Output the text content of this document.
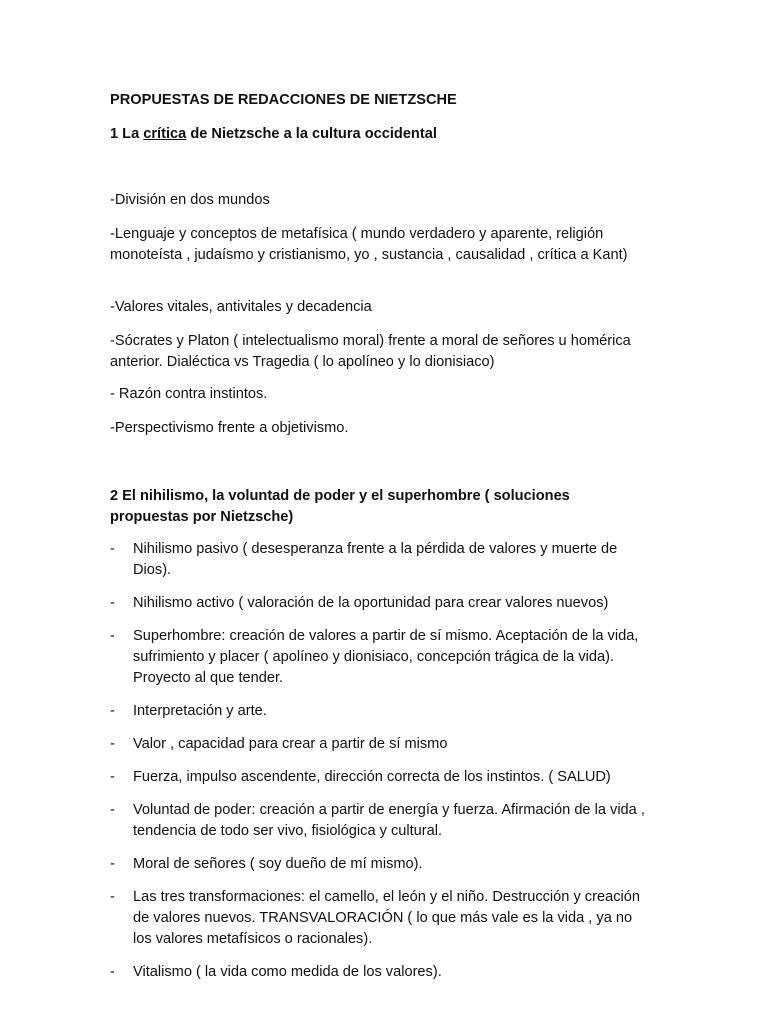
PROPUESTAS DE REDACCIONES DE NIETZSCHE

1 La crítica de Nietzsche a la cultura occidental

-División en dos mundos

-Lenguaje y conceptos de metafísica ( mundo verdadero y aparente, religión monoteísta , judaísmo y cristianismo, yo , sustancia , causalidad , crítica a Kant)

-Valores vitales, antivitales y decadencia

-Sócrates y Platon ( intelectualismo moral) frente a moral de señores u homérica anterior. Dialéctica vs Tragedia ( lo apolíneo y lo dionisiaco)

- Razón contra instintos.

-Perspectivismo frente a objetivismo.

2 El nihilismo, la voluntad de poder y el superhombre ( soluciones propuestas por Nietzsche)

- Nihilismo pasivo ( desesperanza frente a la pérdida de valores y muerte de Dios).
- Nihilismo activo ( valoración de la oportunidad para crear valores nuevos)
- Superhombre: creación de valores a partir de sí mismo. Aceptación de la vida, sufrimiento y placer ( apolíneo y dionisiaco, concepción trágica de la vida). Proyecto al que tender.
- Interpretación y arte.
- Valor , capacidad para crear a partir de sí mismo
- Fuerza, impulso ascendente, dirección correcta de los instintos. ( SALUD)
- Voluntad de poder: creación a partir de energía y fuerza. Afirmación de la vida , tendencia de todo ser vivo, fisiológica y cultural.
- Moral de señores ( soy dueño de mí mismo).
- Las tres transformaciones: el camello, el león y el niño. Destrucción y creación de valores nuevos. TRANSVALORACIÓN ( lo que más vale es la vida , ya no los valores metafísicos o racionales).
- Vitalismo ( la vida como medida de los valores).
